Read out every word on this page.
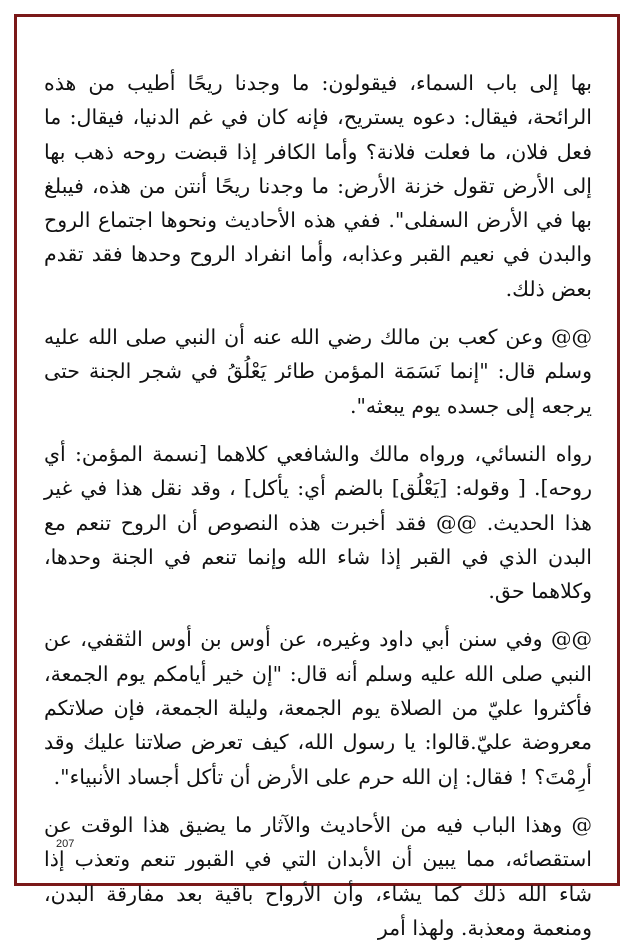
بها إلى باب السماء، فيقولون: ما وجدنا ريحًا أطيب من هذه الرائحة، فيقال: دعوه يستريح، فإنه كان في غم الدنيا، فيقال: ما فعل فلان، ما فعلت فلانة؟ وأما الكافر إذا قبضت روحه ذهب بها إلى الأرض تقول خزنة الأرض: ما وجدنا ريحًا أنتن من هذه، فيبلغ بها في الأرض السفلى". ففي هذه الأحاديث ونحوها اجتماع الروح والبدن في نعيم القبر وعذابه، وأما انفراد الروح وحدها فقد تقدم بعض ذلك.

@@ وعن كعب بن مالك رضي الله عنه أن النبي صلى الله عليه وسلم قال: "إنما نَسَمَة المؤمن طائر يَعْلُقُ في شجر الجنة حتى يرجعه إلى جسده يوم يبعثه".

رواه النسائي، ورواه مالك والشافعي كلاهما [نسمة المؤمن: أي روحه]. [ وقوله: [يَعْلُق] بالضم أي: يأكل] ، وقد نقل هذا في غير هذا الحديث. @@ فقد أخبرت هذه النصوص أن الروح تنعم مع البدن الذي في القبر إذا شاء الله وإنما تنعم في الجنة وحدها، وكلاهما حق.

@@ وفي سنن أبي داود وغيره، عن أوس بن أوس الثقفي، عن النبي صلى الله عليه وسلم أنه قال: "إن خير أيامكم يوم الجمعة، فأكثروا عليّ من الصلاة يوم الجمعة، وليلة الجمعة، فإن صلاتكم معروضة عليّ.قالوا: يا رسول الله، كيف تعرض صلاتنا عليك وقد أرِمْتَ؟ ! فقال: إن الله حرم على الأرض أن تأكل أجساد الأنبياء".

@ وهذا الباب فيه من الأحاديث والآثار ما يضيق هذا الوقت عن استقصائه، مما يبين أن الأبدان التي في القبور تنعم وتعذب إذا شاء الله ذلك كما يشاء، وأن الأرواح باقية بعد مفارقة البدن، ومنعمة ومعذبة. ولهذا أمر

207
